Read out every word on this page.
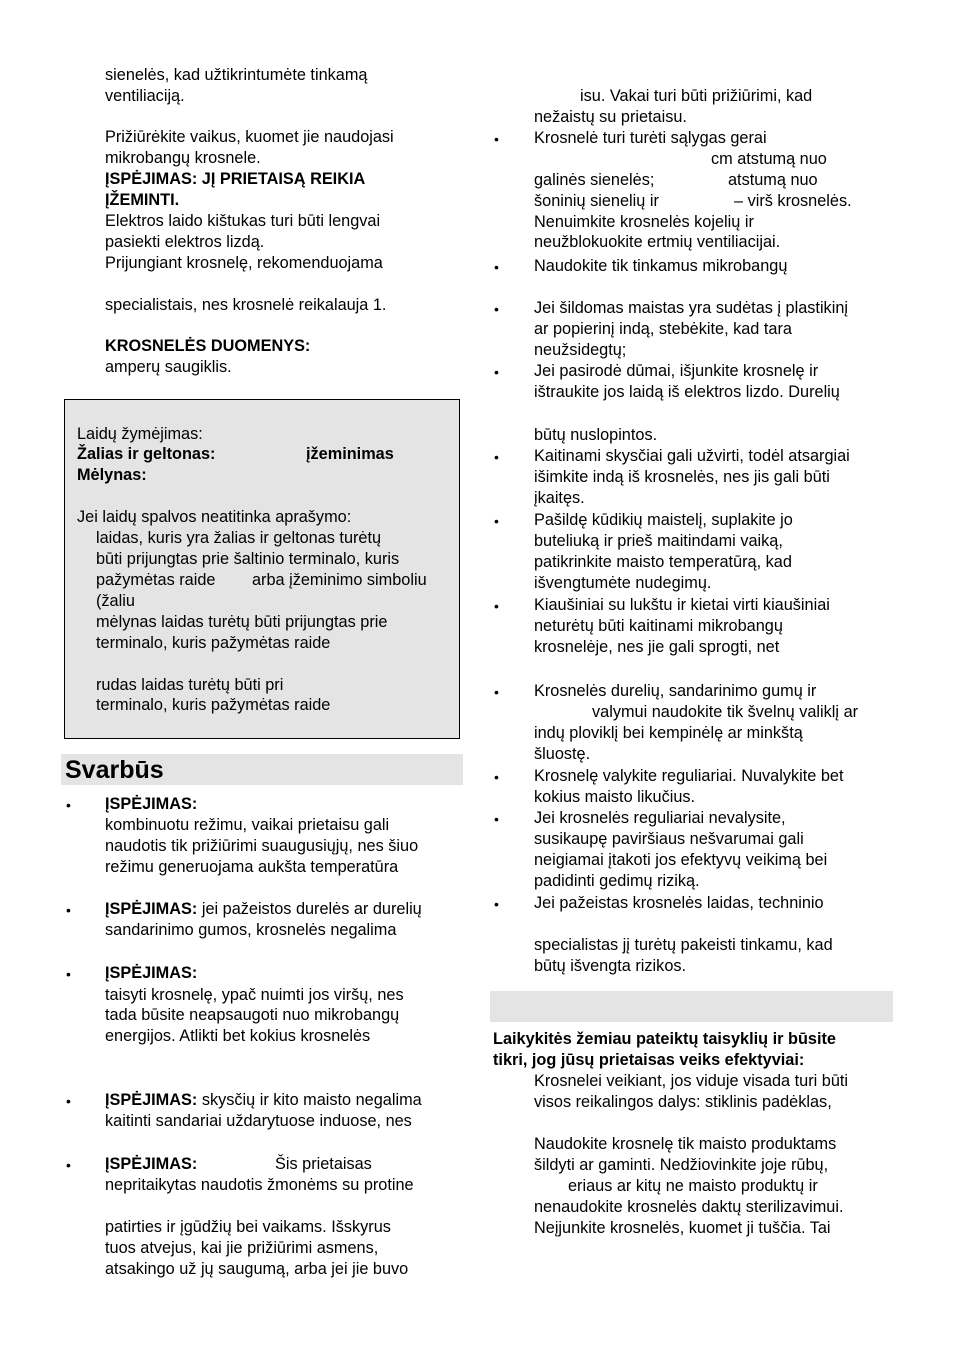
sienelės, kad užtikrintumėte tinkamą
ventiliaciją.
Prižiūrėkite vaikus, kuomet jie naudojasi
mikrobangų krosnele.
ĮSPĖJIMAS: JĮ PRIETAISĄ REIKIA
ĮŽEMINTI.
Elektros laido kištukas turi būti lengvai
pasiekti elektros lizdą.
Prijungiant krosnelę, rekomenduojama
specialistais, nes krosnelė reikalauja 1.
KROSNELĖS DUOMENYS:
amperų saugiklis.
Laidų žymėjimas:
Žalias ir geltonas:	įžeminimas
Mėlynas:
Jei laidų spalvos neatitinka aprašymo:
laidas, kuris yra žalias ir geltonas turėtų
būti prijungtas prie šaltinio terminalo, kuris
pažymėtas raide arba įžeminimo simboliu
(žaliu
mėlynas laidas turėtų būti prijungtas prie
terminalo, kuris pažymėtas raide
rudas laidas turėtų būti pri
terminalo, kuris pažymėtas raide
Svarbūs
• ĮSPĖJIMAS:
kombinuotu režimu, vaikai prietaisu gali
naudotis tik prižiūrimi suaugusiųjų, nes šiuo
režimu generuojama aukšta temperatūra
• ĮSPĖJIMAS: jei pažeistos durelės ar durelių
sandarinimo gumos, krosnelės negalima
• ĮSPĖJIMAS:
taisyti krosnelę, ypač nuimti jos viršų, nes
tada būsite neapsaugoti nuo mikrobangų
energijos. Atlikti bet kokius krosnelės
• ĮSPĖJIMAS: skysčių ir kito maisto negalima
kaitinti sandariai uždarytuose induose, nes
• ĮSPĖJIMAS:	Šis prietaisas
nepritaikytas naudotis žmonėms su protine
patirties ir įgūdžių bei vaikams. Išskyrus
tuos atvejus, kai jie prižiūrimi asmens,
atsakingo už jų saugumą, arba jei jie buvo
isu. Vakai turi būti prižiūrimi, kad
nežaistų su prietaisu.
• Krosnelė turi turėti sąlygas gerai
cm atstumą nuo
galinės sienelės;	atstumą nuo
šoninių sienelių ir	– virš krosnelės.
Nenuimkite krosnelės kojelių ir
neužblokuokite ertmių ventiliacijai.
• Naudokite tik tinkamus mikrobangų
• Jei šildomas maistas yra sudėtas į plastikinį
ar popierinį indą, stebėkite, kad tara
neužsidegtų;
• Jei pasirodė dūmai, išjunkite krosnelę ir
ištraukite jos laidą iš elektros lizdo. Durelių
būtų nuslopintos.
• Kaitinami skysčiai gali užvirti, todėl atsargiai
išimkite indą iš krosnelės, nes jis gali būti
įkaitęs.
• Pašildę kūdikių maistelį, suplakite jo
buteliuką ir prieš maitindami vaiką,
patikrinkite maisto temperatūrą, kad
išvengtumėte nudegimų.
• Kiaušiniai su lukštu ir kietai virti kiaušiniai
neturėtų būti kaitinami mikrobangų
krosnelėje, nes jie gali sprogti, net
• Krosnelės durelių, sandarinimo gumų ir
valymui naudokite tik švelnų valiklį ar
indų ploviklį bei kempinėlę ar minkštą
šluostę.
• Krosnelę valykite reguliariai. Nuvalykite bet
kokius maisto likučius.
• Jei krosnelės reguliariai nevalysite,
susikaupę paviršiaus nešvarumai gali
neigiamai įtakoti jos efektyvų veikimą bei
padidinti gedimų riziką.
• Jei pažeistas krosnelės laidas, techninio
specialistas jį turėtų pakeisti tinkamu, kad
būtų išvengta rizikos.
Laikykitės žemiau pateiktų taisyklių ir būsite
tikri, jog jūsų prietaisas veiks efektyviai:
Krosnelei veikiant, jos viduje visada turi būti
visos reikalingos dalys: stiklinis padėklas,
Naudokite krosnelę tik maisto produktams
šildyti ar gaminti. Nedžiovinkite joje rūbų,
eriaus ar kitų ne maisto produktų ir
nenaudokite krosnelės daktų sterilizavimui.
Neįjunkite krosnelės, kuomet ji tuščia. Tai
